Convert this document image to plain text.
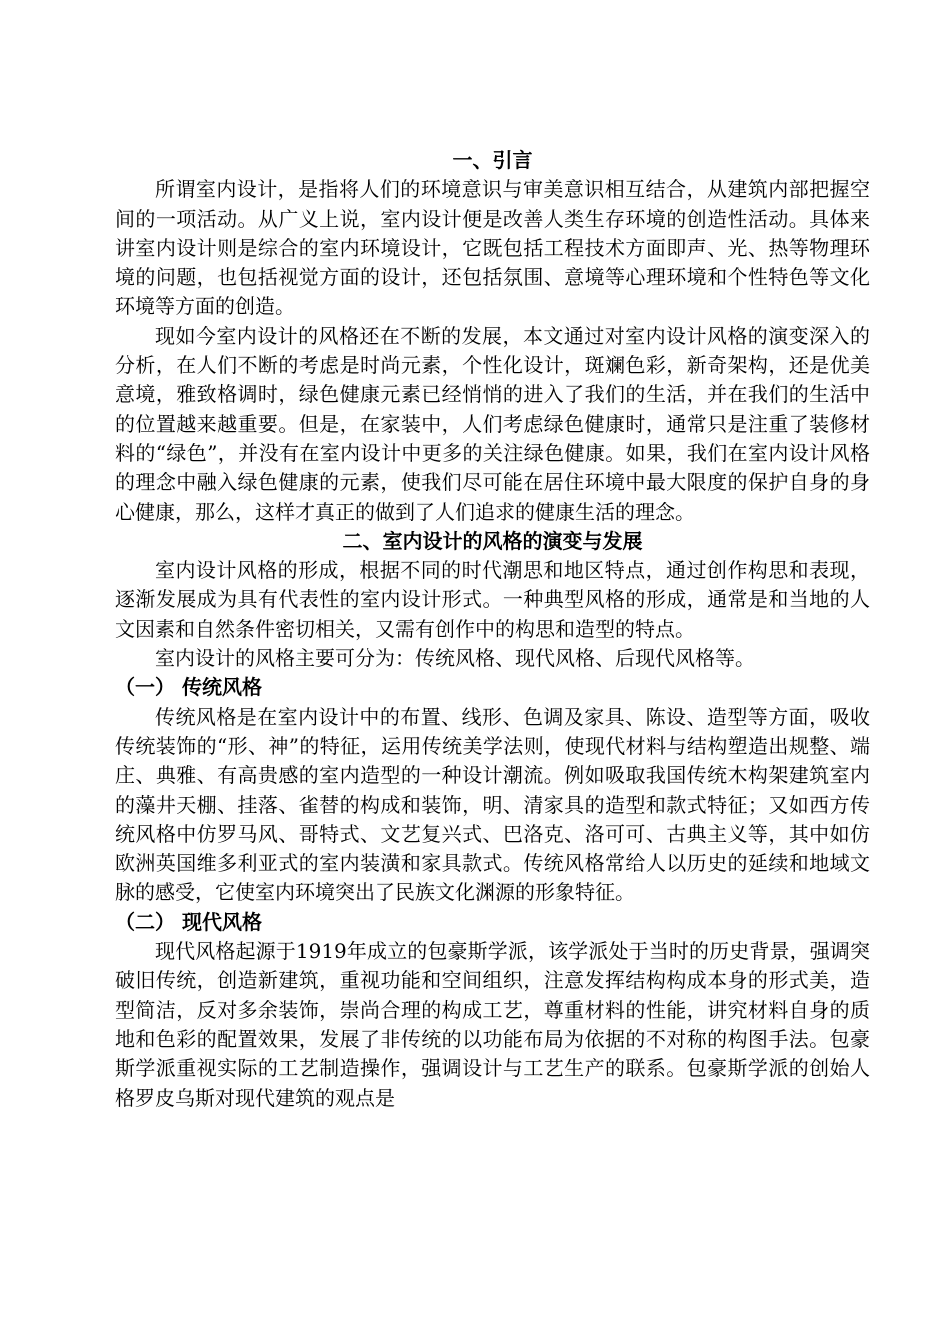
一、引言

所谓室内设计，是指将人们的环境意识与审美意识相互结合，从建筑内部把握空间的一项活动。从广义上说，室内设计便是改善人类生存环境的创造性活动。具体来讲室内设计则是综合的室内环境设计，它既包括工程技术方面即声、光、热等物理环境的问题，也包括视觉方面的设计，还包括氛围、意境等心理环境和个性特色等文化环境等方面的创造。

现如今室内设计的风格还在不断的发展，本文通过对室内设计风格的演变深入的分析，在人们不断的考虑是时尚元素，个性化设计，斑斓色彩，新奇架构，还是优美意境，雅致格调时，绿色健康元素已经悄悄的进入了我们的生活，并在我们的生活中的位置越来越重要。但是，在家装中，人们考虑绿色健康时，通常只是注重了装修材料的“绿色”，并没有在室内设计中更多的关注绿色健康。如果，我们在室内设计风格的理念中融入绿色健康的元素，使我们尽可能在居住环境中最大限度的保护自身的身心健康，那么，这样才真正的做到了人们追求的健康生活的理念。

二、室内设计的风格的演变与发展

室内设计风格的形成，根据不同的时代潮思和地区特点，通过创作构思和表现，逐渐发展成为具有代表性的室内设计形式。一种典型风格的形成，通常是和当地的人文因素和自然条件密切相关，又需有创作中的构思和造型的特点。

室内设计的风格主要可分为：传统风格、现代风格、后现代风格等。

（一） 传统风格

传统风格是在室内设计中的布置、线形、色调及家具、陈设、造型等方面，吸收传统装饰的“形、神”的特征，运用传统美学法则，使现代材料与结构塑造出规整、端庄、典雅、有高贵感的室内造型的一种设计潮流。例如吸取我国传统木构架建筑室内的藻井天棚、挂落、雀替的构成和装饰，明、清家具的造型和款式特征；又如西方传统风格中仿罗马风、哥特式、文艺复兴式、巴洛克、洛可可、古典主义等，其中如仿欧洲英国维多利亚式的室内装潢和家具款式。传统风格常给人以历史的延续和地域文脉的感受，它使室内环境突出了民族文化渊源的形象特征。

（二） 现代风格

现代风格起源于1919年成立的包豪斯学派，该学派处于当时的历史背景，强调突破旧传统，创造新建筑，重视功能和空间组织，注意发挥结构构成本身的形式美，造型简洁，反对多余装饰，崇尚合理的构成工艺，尊重材料的性能，讲究材料自身的质地和色彩的配置效果，发展了非传统的以功能布局为依据的不对称的构图手法。包豪斯学派重视实际的工艺制造操作，强调设计与工艺生产的联系。包豪斯学派的创始人格罗皮乌斯对现代建筑的观点是
